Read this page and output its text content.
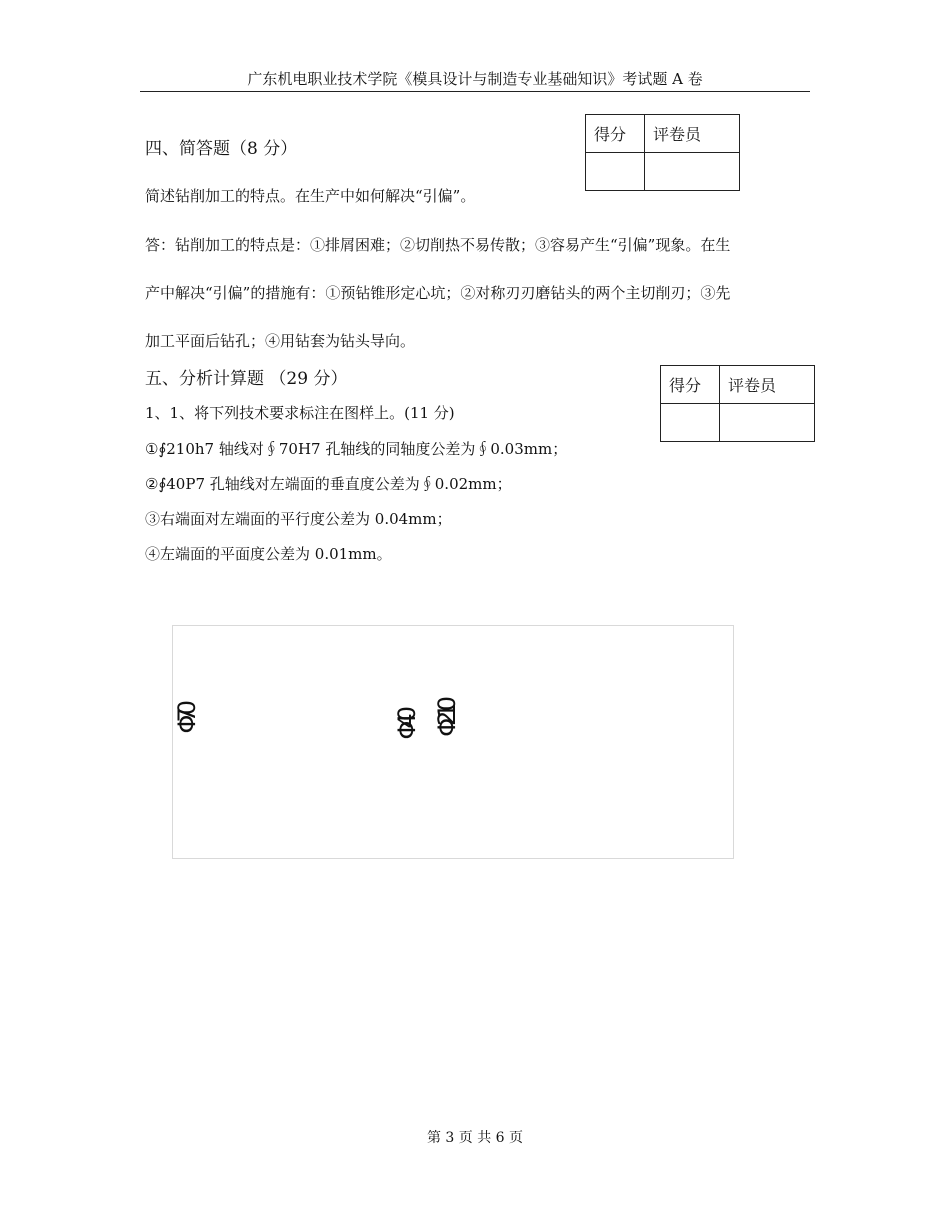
广东机电职业技术学院《模具设计与制造专业基础知识》考试题 A 卷
四、简答题（8 分）
得分	评卷员

简述钻削加工的特点。在生产中如何解决“引偏”。
答：钻削加工的特点是：①排屑困难；②切削热不易传散；③容易产生“引偏”现象。在生
产中解决“引偏”的措施有：①预钻锥形定心坑；②对称刃刃磨钻头的两个主切削刃；③先
加工平面后钻孔；④用钻套为钻头导向。
五、分析计算题 （29 分）	得分	评卷员

1、1、将下列技术要求标注在图样上。(11 分)
①∮210h7 轴线对∮70H7 孔轴线的同轴度公差为∮0.03mm；
②∮40P7 孔轴线对左端面的垂直度公差为∮0.02mm；
③右端面对左端面的平行度公差为 0.04mm；
④左端面的平面度公差为 0.01mm。
Φ70	Φ40 Φ210
第 3 页 共 6 页
